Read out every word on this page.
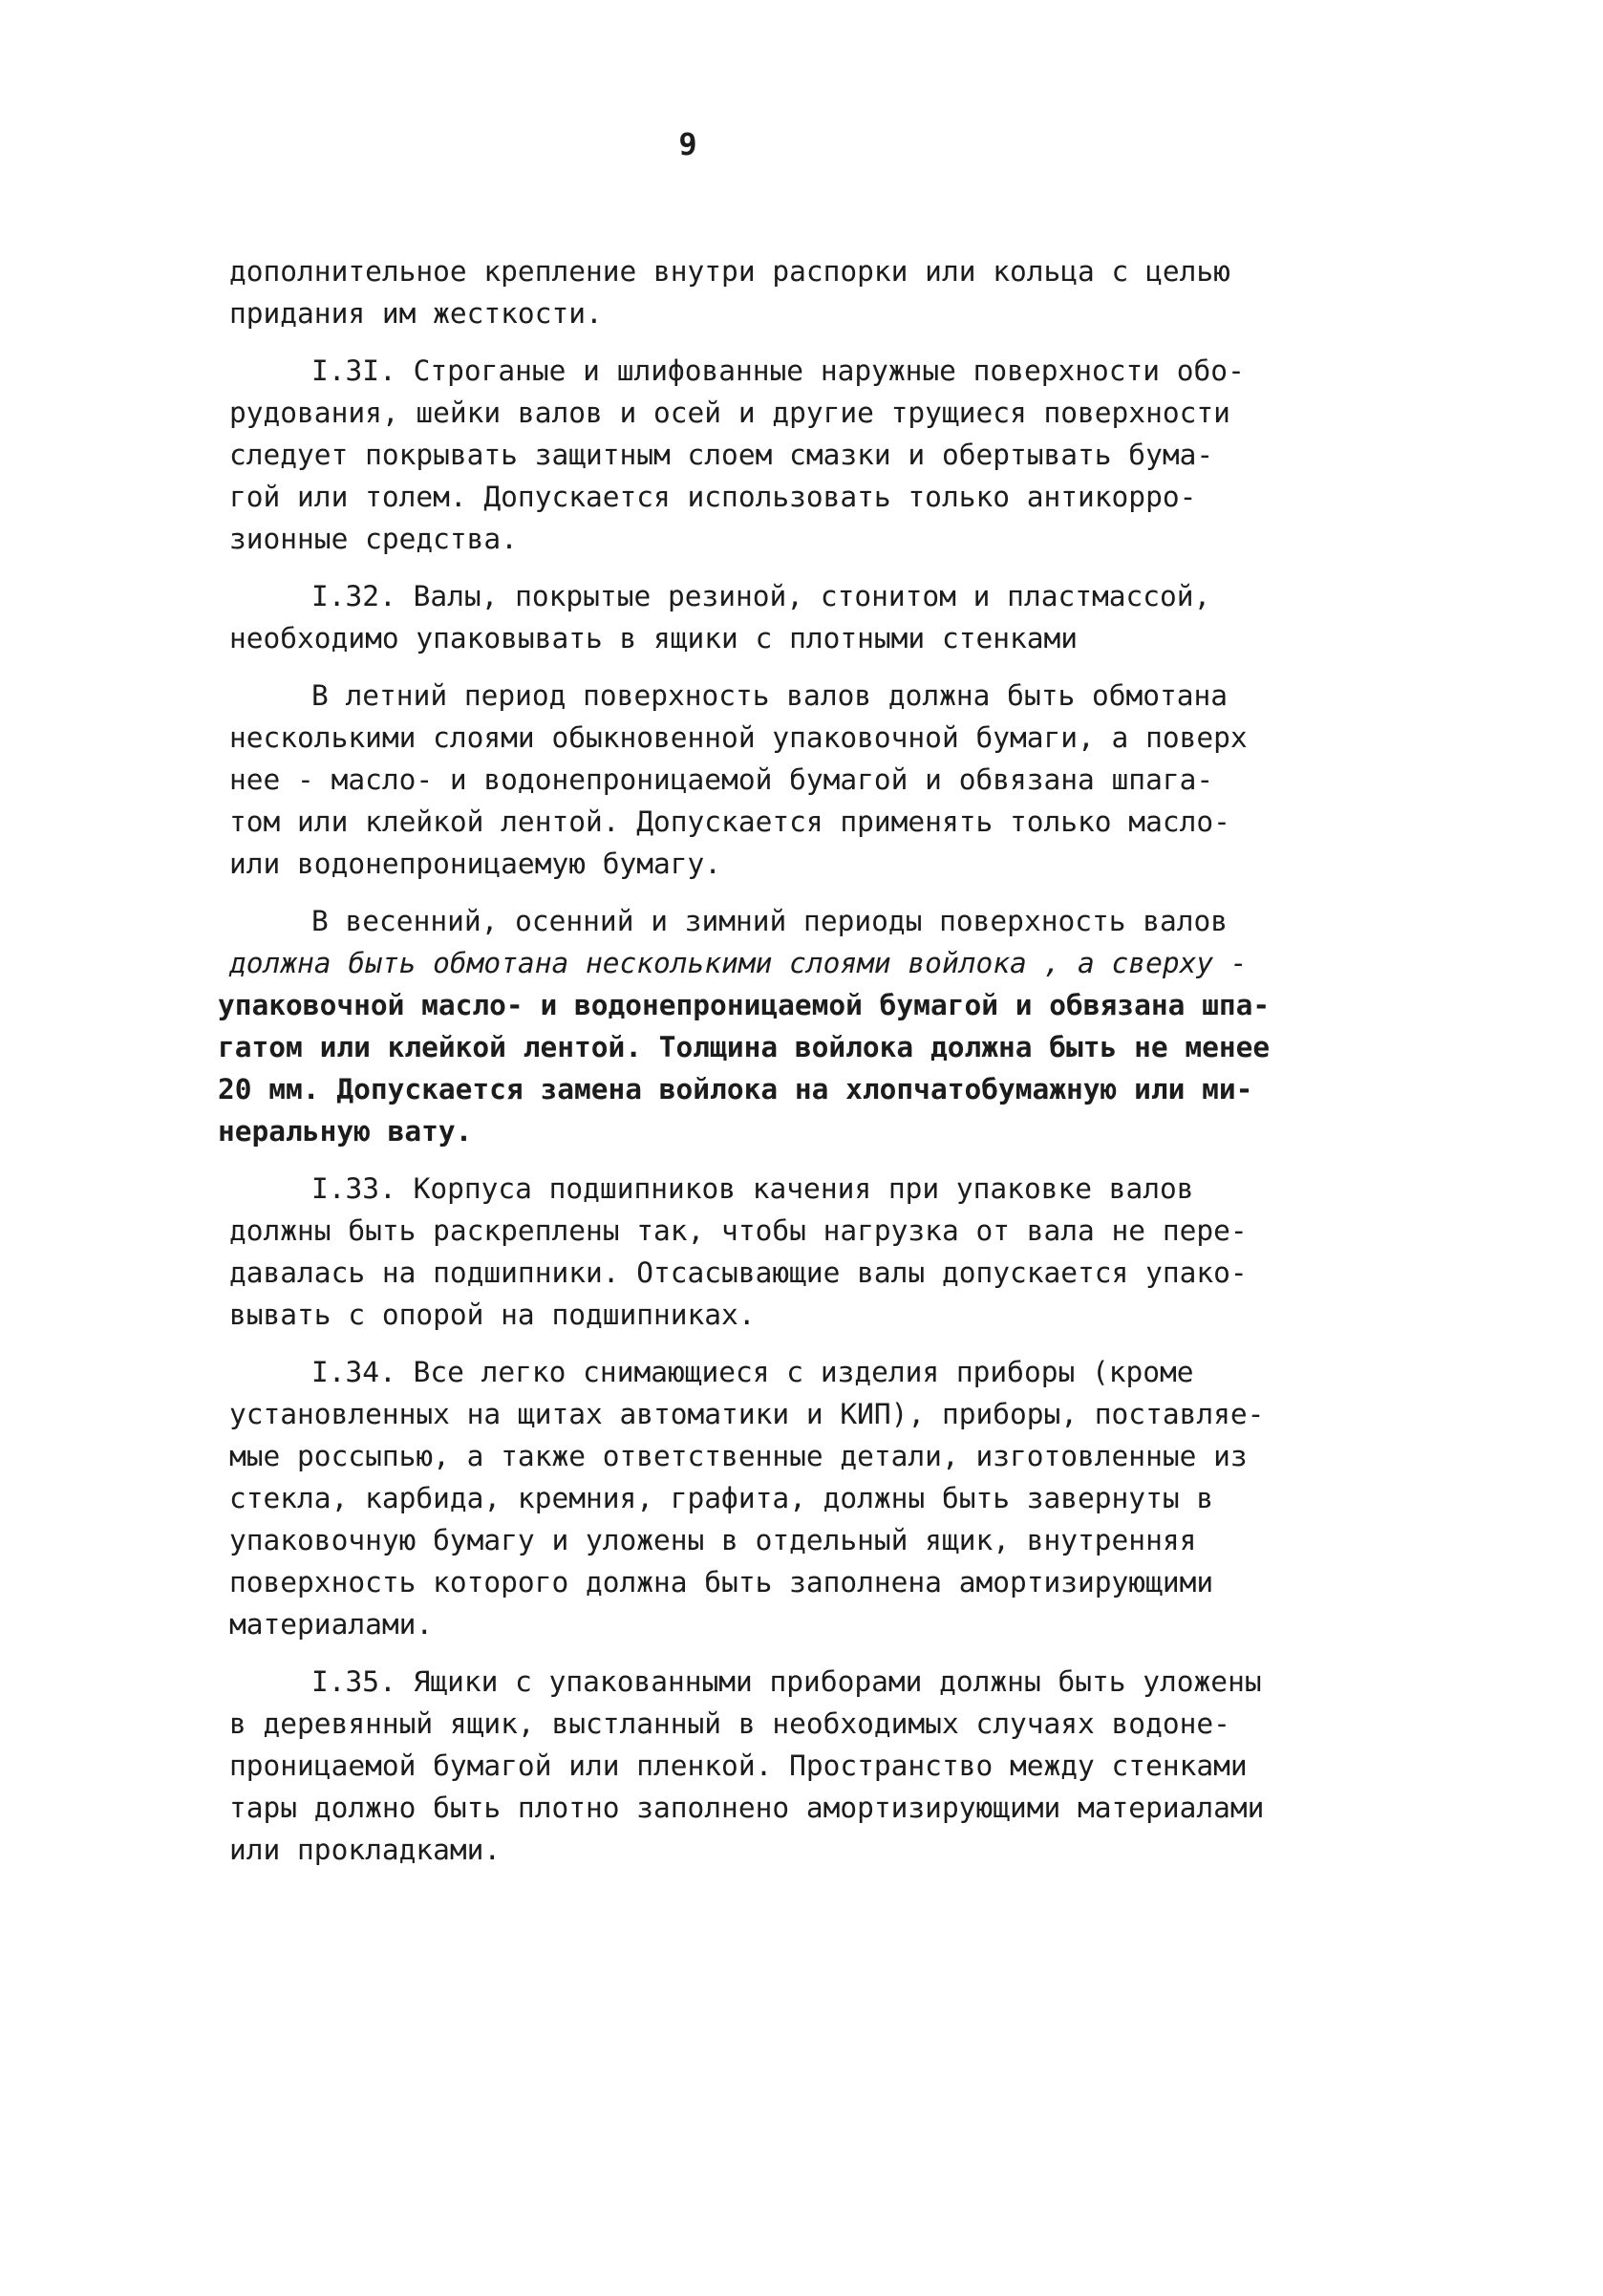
9

дополнительное крепление внутри распорки или кольца с целью
придания им жесткости.

I.3I. Строганые и шлифованные наружные поверхности обо-
рудования, шейки валов и осей и другие трущиеся поверхности
следует покрывать защитным слоем смазки и обертывать бума-
гой или толем. Допускается использовать только антикорро-
зионные средства.

I.32. Валы, покрытые резиной, стонитом и пластмассой,
необходимо упаковывать в ящики с плотными стенками

В летний период поверхность валов должна быть обмотана
несколькими слоями обыкновенной упаковочной бумаги, а поверх
нее - масло- и водонепроницаемой бумагой и обвязана шпага-
том или клейкой лентой. Допускается применять только масло-
или водонепроницаемую бумагу.

В весенний, осенний и зимний периоды поверхность валов
должна быть обмотана несколькими слоями войлока , а сверху -
упаковочной масло- и водонепроницаемой бумагой и обвязана шпа-
гатом или клейкой лентой. Толщина войлока должна быть не менее
20 мм. Допускается замена войлока на хлопчатобумажную или ми-
неральную вату.

I.33. Корпуса подшипников качения при упаковке валов
должны быть раскреплены так, чтобы нагрузка от вала не пере-
давалась на подшипники. Отсасывающие валы допускается упако-
вывать с опорой на подшипниках.

I.34. Все легко снимающиеся с изделия приборы (кроме
установленных на щитах автоматики и КИП), приборы, поставляе-
мые россыпью, а также ответственные детали, изготовленные из
стекла, карбида, кремния, графита, должны быть завернуты в
упаковочную бумагу и уложены в отдельный ящик, внутренняя
поверхность которого должна быть заполнена амортизирующими
материалами.

I.35. Ящики с упакованными приборами должны быть уложены
в деревянный ящик, выстланный в необходимых случаях водоне-
проницаемой бумагой или пленкой. Пространство между стенками
тары должно быть плотно заполнено амортизирующими материалами
или прокладками.
